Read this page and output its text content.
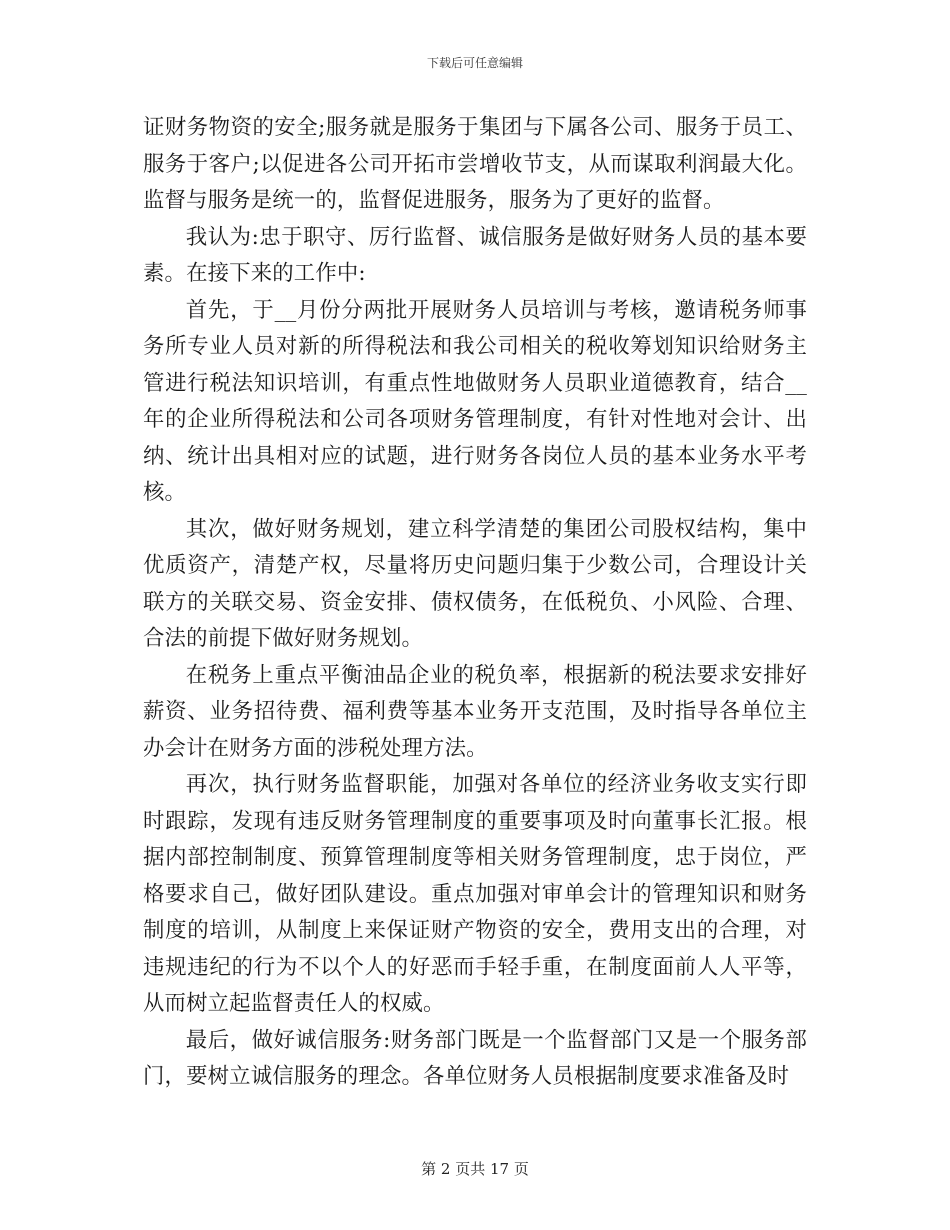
下载后可任意编辑

证财务物资的安全;服务就是服务于集团与下属各公司、服务于员工、服务于客户;以促进各公司开拓市尝增收节支，从而谋取利润最大化。监督与服务是统一的，监督促进服务，服务为了更好的监督。

我认为:忠于职守、厉行监督、诚信服务是做好财务人员的基本要素。在接下来的工作中:

首先，于__月份分两批开展财务人员培训与考核，邀请税务师事务所专业人员对新的所得税法和我公司相关的税收筹划知识给财务主管进行税法知识培训，有重点性地做财务人员职业道德教育，结合__年的企业所得税法和公司各项财务管理制度，有针对性地对会计、出纳、统计出具相对应的试题，进行财务各岗位人员的基本业务水平考核。

其次，做好财务规划，建立科学清楚的集团公司股权结构，集中优质资产，清楚产权，尽量将历史问题归集于少数公司，合理设计关联方的关联交易、资金安排、债权债务，在低税负、小风险、合理、合法的前提下做好财务规划。

在税务上重点平衡油品企业的税负率，根据新的税法要求安排好薪资、业务招待费、福利费等基本业务开支范围，及时指导各单位主办会计在财务方面的涉税处理方法。

再次，执行财务监督职能，加强对各单位的经济业务收支实行即时跟踪，发现有违反财务管理制度的重要事项及时向董事长汇报。根据内部控制制度、预算管理制度等相关财务管理制度，忠于岗位，严格要求自己，做好团队建设。重点加强对审单会计的管理知识和财务制度的培训，从制度上来保证财产物资的安全，费用支出的合理，对违规违纪的行为不以个人的好恶而手轻手重，在制度面前人人平等，从而树立起监督责任人的权威。

最后，做好诚信服务:财务部门既是一个监督部门又是一个服务部门，要树立诚信服务的理念。各单位财务人员根据制度要求准备及时

第 2 页共 17 页
